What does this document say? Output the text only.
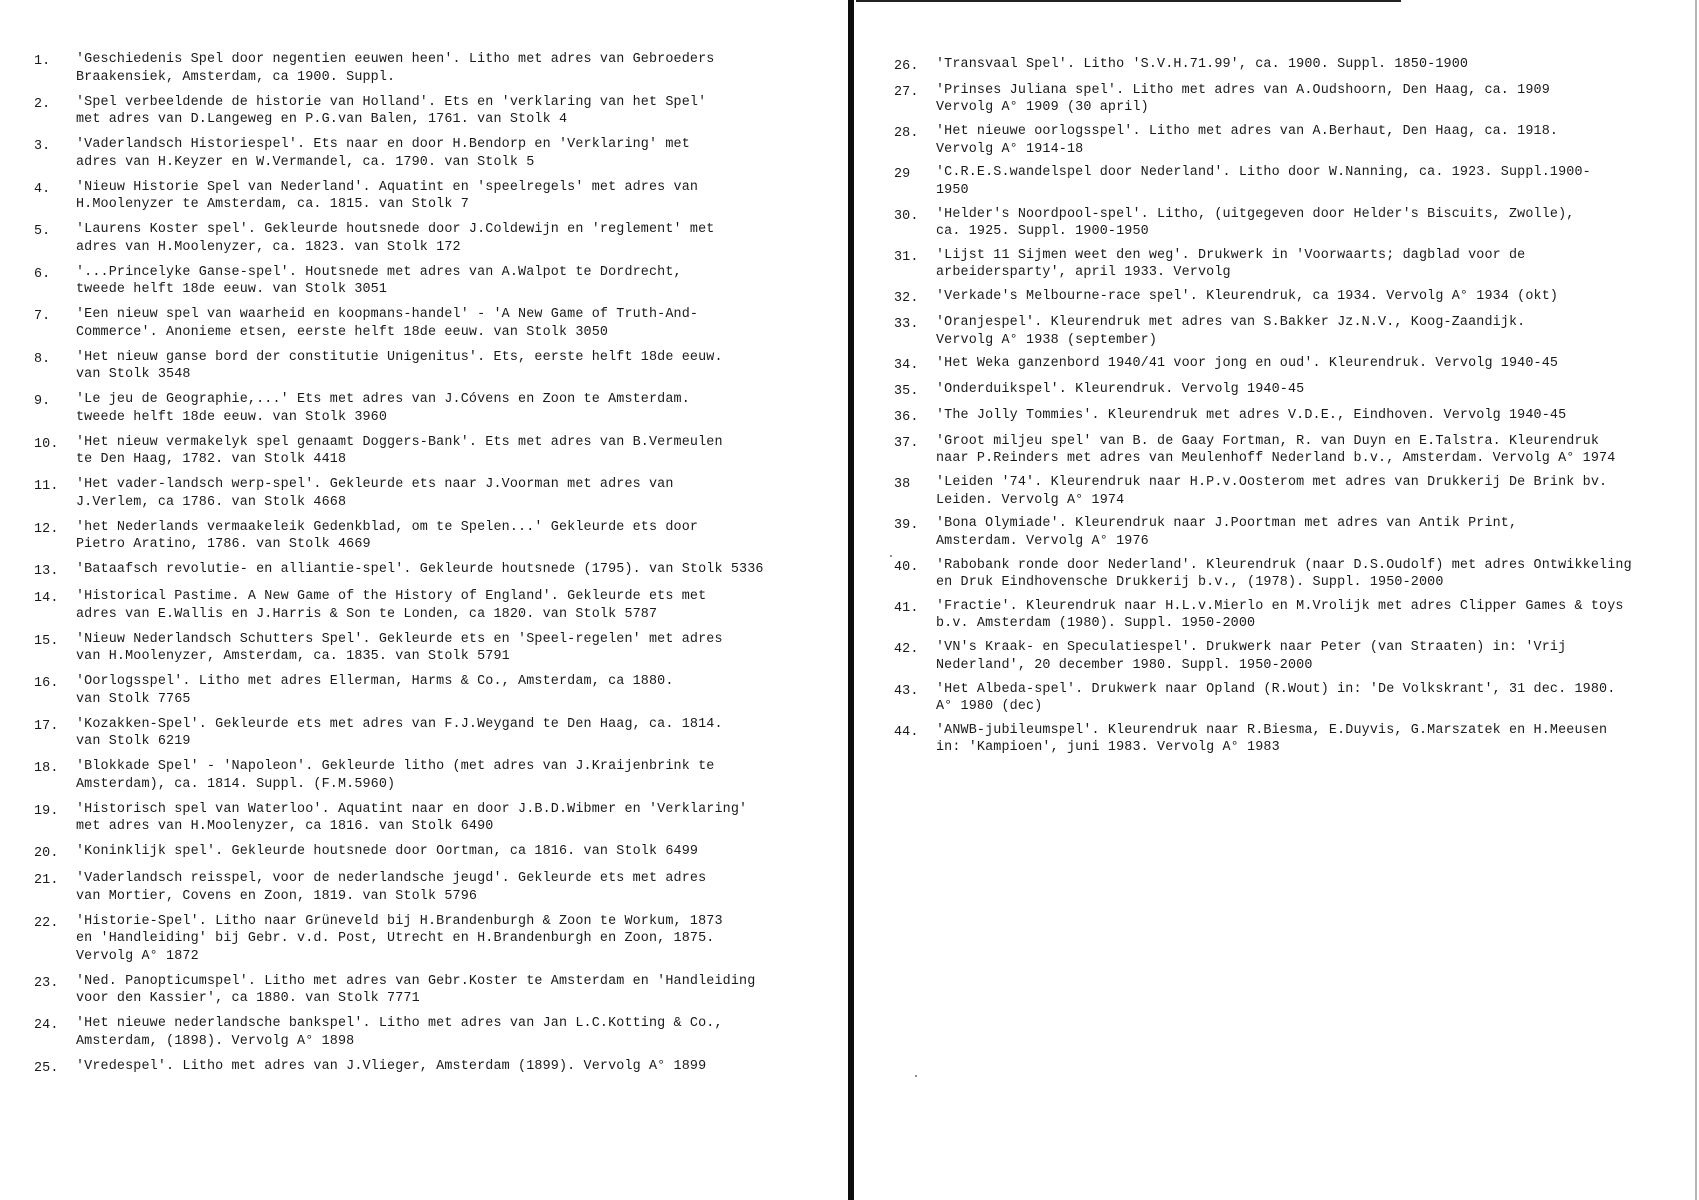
1.	'Geschiedenis Spel door negentien eeuwen heen'. Litho met adres van Gebroeders
Braakensiek, Amsterdam, ca 1900. Suppl.
2.	'Spel verbeeldende de historie van Holland'. Ets en 'verklaring van het Spel'
met adres van D.Langeweg en P.G.van Balen, 1761. van Stolk 4
3.	'Vaderlandsch Historiespel'. Ets naar en door H.Bendorp en 'Verklaring' met
adres van H.Keyzer en W.Vermandel, ca. 1790. van Stolk 5
4.	'Nieuw Historie Spel van Nederland'. Aquatint en 'speelregels' met adres van
H.Moolenyzer te Amsterdam, ca. 1815. van Stolk 7
5.	'Laurens Koster spel'. Gekleurde houtsnede door J.Coldewijn en 'reglement' met
adres van H.Moolenyzer, ca. 1823. van Stolk 172
6.	'...Princelyke Ganse-spel'. Houtsnede met adres van A.Walpot te Dordrecht,
tweede helft 18de eeuw. van Stolk 3051
7.	'Een nieuw spel van waarheid en koopmans-handel' - 'A New Game of Truth-And-
Commerce'. Anonieme etsen, eerste helft 18de eeuw. van Stolk 3050
8.	'Het nieuw ganse bord der constitutie Unigenitus'. Ets, eerste helft 18de eeuw.
van Stolk 3548
9.	'Le jeu de Geographie,...' Ets met adres van J.Cóvens en Zoon te Amsterdam.
tweede helft 18de eeuw. van Stolk 3960
10.	'Het nieuw vermakelyk spel genaamt Doggers-Bank'. Ets met adres van B.Vermeulen
te Den Haag, 1782. van Stolk 4418
11.	'Het vader-landsch werp-spel'. Gekleurde ets naar J.Voorman met adres van
J.Verlem, ca 1786. van Stolk 4668
12.	'het Nederlands vermaakeleik Gedenkblad, om te Spelen...' Gekleurde ets door
Pietro Aratino, 1786. van Stolk 4669
13.	'Bataafsch revolutie- en alliantie-spel'. Gekleurde houtsnede (1795). van Stolk 5336
14.	'Historical Pastime. A New Game of the History of England'. Gekleurde ets met
adres van E.Wallis en J.Harris & Son te Londen, ca 1820. van Stolk 5787
15.	'Nieuw Nederlandsch Schutters Spel'. Gekleurde ets en 'Speel-regelen' met adres
van H.Moolenyzer, Amsterdam, ca. 1835. van Stolk 5791
16.	'Oorlogsspel'. Litho met adres Ellerman, Harms & Co., Amsterdam, ca 1880.
van Stolk 7765
17.	'Kozakken-Spel'. Gekleurde ets met adres van F.J.Weygand te Den Haag, ca. 1814.
van Stolk 6219
18.	'Blokkade Spel' - 'Napoleon'. Gekleurde litho (met adres van J.Kraijenbrink te
Amsterdam), ca. 1814. Suppl. (F.M.5960)
19.	'Historisch spel van Waterloo'. Aquatint naar en door J.B.D.Wibmer en 'Verklaring'
met adres van H.Moolenyzer, ca 1816. van Stolk 6490
20.	'Koninklijk spel'. Gekleurde houtsnede door Oortman, ca 1816. van Stolk 6499
21.	'Vaderlandsch reisspel, voor de nederlandsche jeugd'. Gekleurde ets met adres
van Mortier, Covens en Zoon, 1819. van Stolk 5796
22.	'Historie-Spel'. Litho naar Grüneveld bij H.Brandenburgh & Zoon te Workum, 1873
en 'Handleiding' bij Gebr. v.d. Post, Utrecht en H.Brandenburgh en Zoon, 1875.
Vervolg A° 1872
23.	'Ned. Panopticumspel'. Litho met adres van Gebr.Koster te Amsterdam en 'Handleiding
voor den Kassier', ca 1880. van Stolk 7771
24.	'Het nieuwe nederlandsche bankspel'. Litho met adres van Jan L.C.Kotting & Co.,
Amsterdam, (1898). Vervolg A° 1898
25.	'Vredespel'. Litho met adres van J.Vlieger, Amsterdam (1899). Vervolg A° 1899
26.	'Transvaal Spel'. Litho 'S.V.H.71.99', ca. 1900. Suppl. 1850-1900
27.	'Prinses Juliana spel'. Litho met adres van A.Oudshoorn, Den Haag, ca. 1909
Vervolg A° 1909 (30 april)
28.	'Het nieuwe oorlogsspel'. Litho met adres van A.Berhaut, Den Haag, ca. 1918.
Vervolg A° 1914-18
29	'C.R.E.S.wandelspel door Nederland'. Litho door W.Nanning, ca. 1923. Suppl.1900-
1950
30.	'Helder's Noordpool-spel'. Litho, (uitgegeven door Helder's Biscuits, Zwolle),
ca. 1925. Suppl. 1900-1950
31.	'Lijst 11 Sijmen weet den weg'. Drukwerk in 'Voorwaarts; dagblad voor de
arbeidersparty', april 1933. Vervolg
32.	'Verkade's Melbourne-race spel'. Kleurendruk, ca 1934. Vervolg A° 1934 (okt)
33.	'Oranjespel'. Kleurendruk met adres van S.Bakker Jz.N.V., Koog-Zaandijk.
Vervolg A° 1938 (september)
34.	'Het Weka ganzenbord 1940/41 voor jong en oud'. Kleurendruk. Vervolg 1940-45
35.	'Onderduikspel'. Kleurendruk. Vervolg 1940-45
36.	'The Jolly Tommies'. Kleurendruk met adres V.D.E., Eindhoven. Vervolg 1940-45
37.	'Groot miljeu spel' van B. de Gaay Fortman, R. van Duyn en E.Talstra. Kleurendruk
naar P.Reinders met adres van Meulenhoff Nederland b.v., Amsterdam. Vervolg A° 1974
38	'Leiden '74'. Kleurendruk naar H.P.v.Oosterom met adres van Drukkerij De Brink bv.
Leiden. Vervolg A° 1974
39.	'Bona Olymiade'. Kleurendruk naar J.Poortman met adres van Antik Print,
Amsterdam. Vervolg A° 1976
40.	'Rabobank ronde door Nederland'. Kleurendruk (naar D.S.Oudolf) met adres Ontwikkeling
en Druk Eindhovensche Drukkerij b.v., (1978). Suppl. 1950-2000
41.	'Fractie'. Kleurendruk naar H.L.v.Mierlo en M.Vrolijk met adres Clipper Games & toys
b.v. Amsterdam (1980). Suppl. 1950-2000
42.	'VN's Kraak- en Speculatiespel'. Drukwerk naar Peter (van Straaten) in: 'Vrij
Nederland', 20 december 1980. Suppl. 1950-2000
43.	'Het Albeda-spel'. Drukwerk naar Opland (R.Wout) in: 'De Volkskrant', 31 dec. 1980.
A° 1980 (dec)
44.	'ANWB-jubileumspel'. Kleurendruk naar R.Biesma, E.Duyvis, G.Marszatek en H.Meeusen
in: 'Kampioen', juni 1983. Vervolg A° 1983
